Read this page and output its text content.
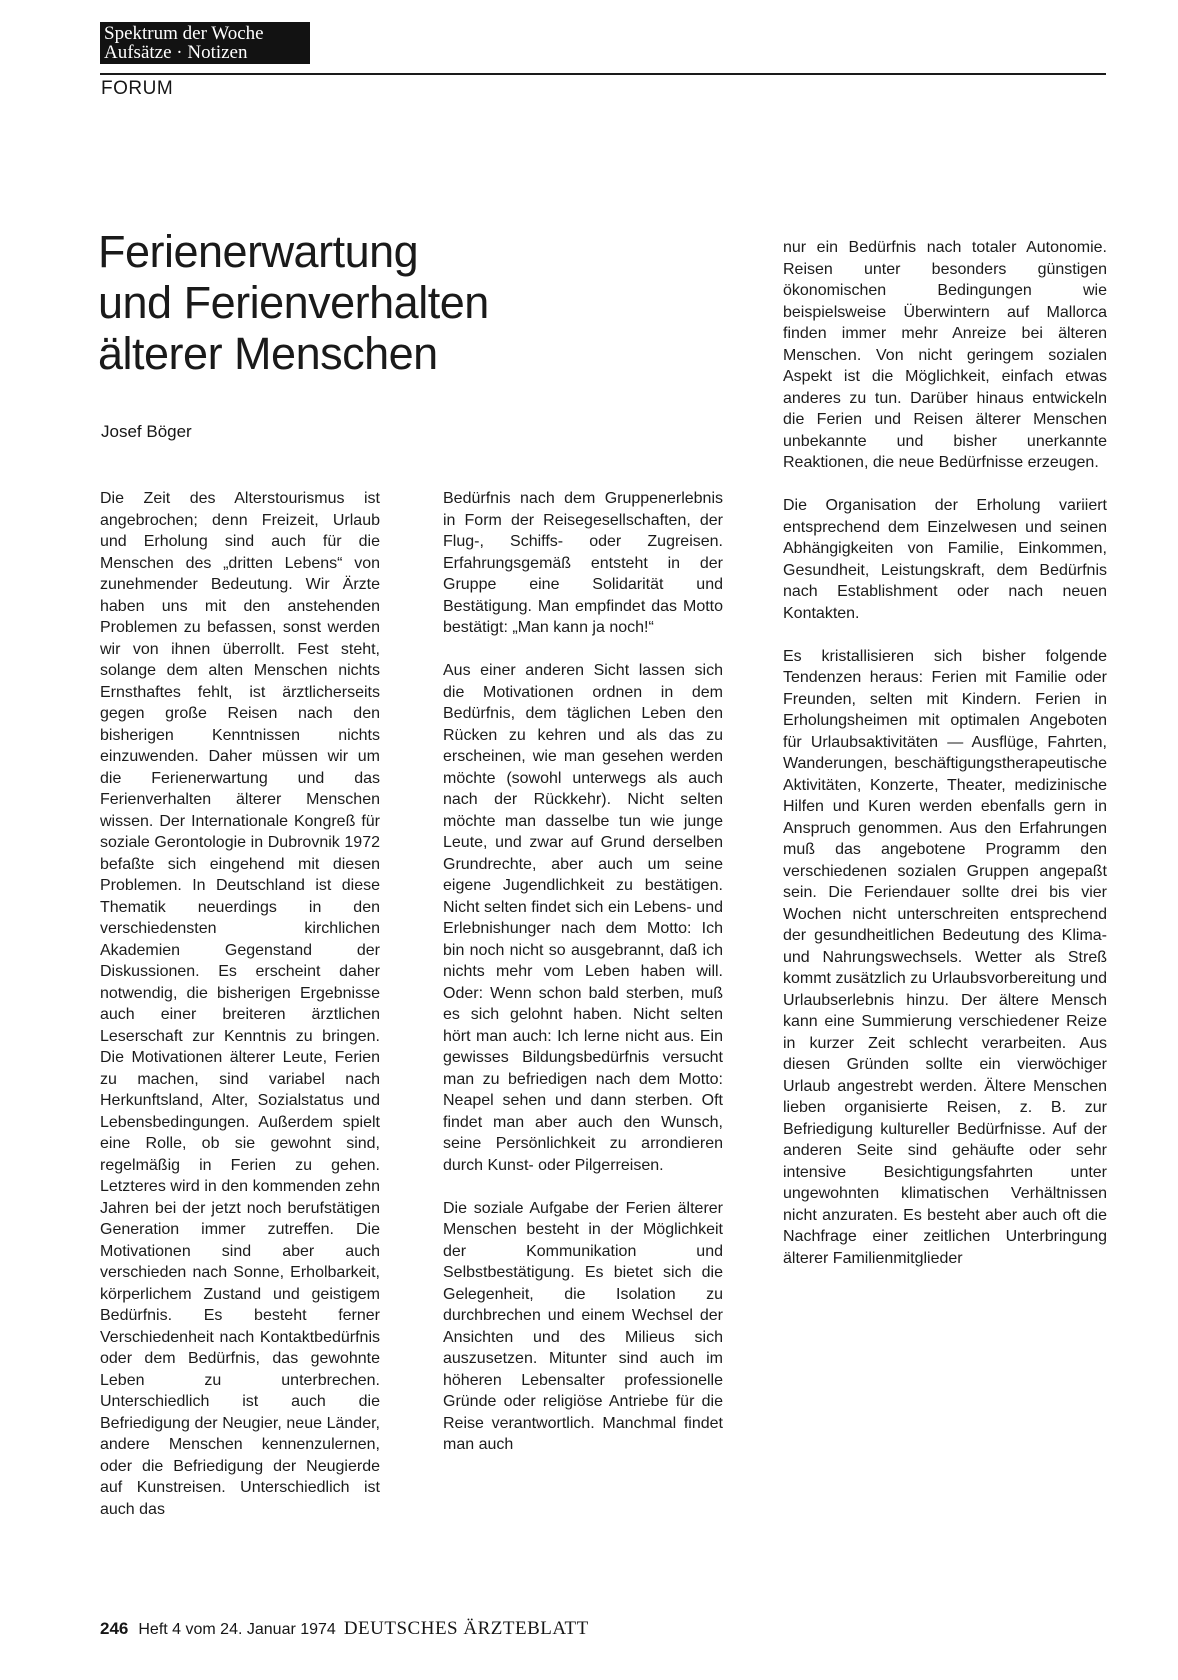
Spektrum der Woche
Aufsätze · Notizen
FORUM
Ferienerwartung
und Ferienverhalten
älterer Menschen
Josef Böger

Die Zeit des Alterstourismus ist angebrochen; denn Freizeit, Urlaub und Erholung sind auch für die Menschen des „dritten Lebens“ von zunehmender Bedeutung. Wir Ärzte haben uns mit den anstehenden Problemen zu befassen, sonst werden wir von ihnen überrollt. Fest steht, solange dem alten Menschen nichts Ernsthaftes fehlt, ist ärztlicherseits gegen große Reisen nach den bisherigen Kenntnissen nichts einzuwenden. Daher müssen wir um die Ferienerwartung und das Ferienverhalten älterer Menschen wissen. Der Internationale Kongreß für soziale Gerontologie in Dubrovnik 1972 befaßte sich eingehend mit diesen Problemen. In Deutschland ist diese Thematik neuerdings in den verschiedensten kirchlichen Akademien Gegenstand der Diskussionen. Es erscheint daher notwendig, die bisherigen Ergebnisse auch einer breiteren ärztlichen Leserschaft zur Kenntnis zu bringen. Die Motivationen älterer Leute, Ferien zu machen, sind variabel nach Herkunftsland, Alter, Sozialstatus und Lebensbedingungen. Außerdem spielt eine Rolle, ob sie gewohnt sind, regelmäßig in Ferien zu gehen. Letzteres wird in den kommenden zehn Jahren bei der jetzt noch berufstätigen Generation immer zutreffen. Die Motivationen sind aber auch verschieden nach Sonne, Erholbarkeit, körperlichem Zustand und geistigem Bedürfnis. Es besteht ferner Verschiedenheit nach Kontaktbedürfnis oder dem Bedürfnis, das gewohnte Leben zu unterbrechen. Unterschiedlich ist auch die Befriedigung der Neugier, neue Länder, andere Menschen kennenzulernen, oder die Befriedigung der Neugierde auf Kunstreisen. Unterschiedlich ist auch das

Bedürfnis nach dem Gruppenerlebnis in Form der Reisegesellschaften, der Flug-, Schiffs- oder Zugreisen. Erfahrungsgemäß entsteht in der Gruppe eine Solidarität und Bestätigung. Man empfindet das Motto bestätigt: „Man kann ja noch!“

Aus einer anderen Sicht lassen sich die Motivationen ordnen in dem Bedürfnis, dem täglichen Leben den Rücken zu kehren und als das zu erscheinen, wie man gesehen werden möchte (sowohl unterwegs als auch nach der Rückkehr). Nicht selten möchte man dasselbe tun wie junge Leute, und zwar auf Grund derselben Grundrechte, aber auch um seine eigene Jugendlichkeit zu bestätigen. Nicht selten findet sich ein Lebens- und Erlebnishunger nach dem Motto: Ich bin noch nicht so ausgebrannt, daß ich nichts mehr vom Leben haben will. Oder: Wenn schon bald sterben, muß es sich gelohnt haben. Nicht selten hört man auch: Ich lerne nicht aus. Ein gewisses Bildungsbedürfnis versucht man zu befriedigen nach dem Motto: Neapel sehen und dann sterben. Oft findet man aber auch den Wunsch, seine Persönlichkeit zu arrondieren durch Kunst- oder Pilgerreisen.

Die soziale Aufgabe der Ferien älterer Menschen besteht in der Möglichkeit der Kommunikation und Selbstbestätigung. Es bietet sich die Gelegenheit, die Isolation zu durchbrechen und einem Wechsel der Ansichten und des Milieus sich auszusetzen. Mitunter sind auch im höheren Lebensalter professionelle Gründe oder religiöse Antriebe für die Reise verantwortlich. Manchmal findet man auch

nur ein Bedürfnis nach totaler Autonomie. Reisen unter besonders günstigen ökonomischen Bedingungen wie beispielsweise Überwintern auf Mallorca finden immer mehr Anreize bei älteren Menschen. Von nicht geringem sozialen Aspekt ist die Möglichkeit, einfach etwas anderes zu tun. Darüber hinaus entwickeln die Ferien und Reisen älterer Menschen unbekannte und bisher unerkannte Reaktionen, die neue Bedürfnisse erzeugen.

Die Organisation der Erholung variiert entsprechend dem Einzelwesen und seinen Abhängigkeiten von Familie, Einkommen, Gesundheit, Leistungskraft, dem Bedürfnis nach Establishment oder nach neuen Kontakten.

Es kristallisieren sich bisher folgende Tendenzen heraus: Ferien mit Familie oder Freunden, selten mit Kindern. Ferien in Erholungsheimen mit optimalen Angeboten für Urlaubsaktivitäten — Ausflüge, Fahrten, Wanderungen, beschäftigungstherapeutische Aktivitäten, Konzerte, Theater, medizinische Hilfen und Kuren werden ebenfalls gern in Anspruch genommen. Aus den Erfahrungen muß das angebotene Programm den verschiedenen sozialen Gruppen angepaßt sein. Die Feriendauer sollte drei bis vier Wochen nicht unterschreiten entsprechend der gesundheitlichen Bedeutung des Klima- und Nahrungswechsels. Wetter als Streß kommt zusätzlich zu Urlaubsvorbereitung und Urlaubserlebnis hinzu. Der ältere Mensch kann eine Summierung verschiedener Reize in kurzer Zeit schlecht verarbeiten. Aus diesen Gründen sollte ein vierwöchiger Urlaub angestrebt werden. Ältere Menschen lieben organisierte Reisen, z. B. zur Befriedigung kultureller Bedürfnisse. Auf der anderen Seite sind gehäufte oder sehr intensive Besichtigungsfahrten unter ungewohnten klimatischen Verhältnissen nicht anzuraten. Es besteht aber auch oft die Nachfrage einer zeitlichen Unterbringung älterer Familienmitglieder

246 Heft 4 vom 24. Januar 1974 DEUTSCHES ÄRZTEBLATT
